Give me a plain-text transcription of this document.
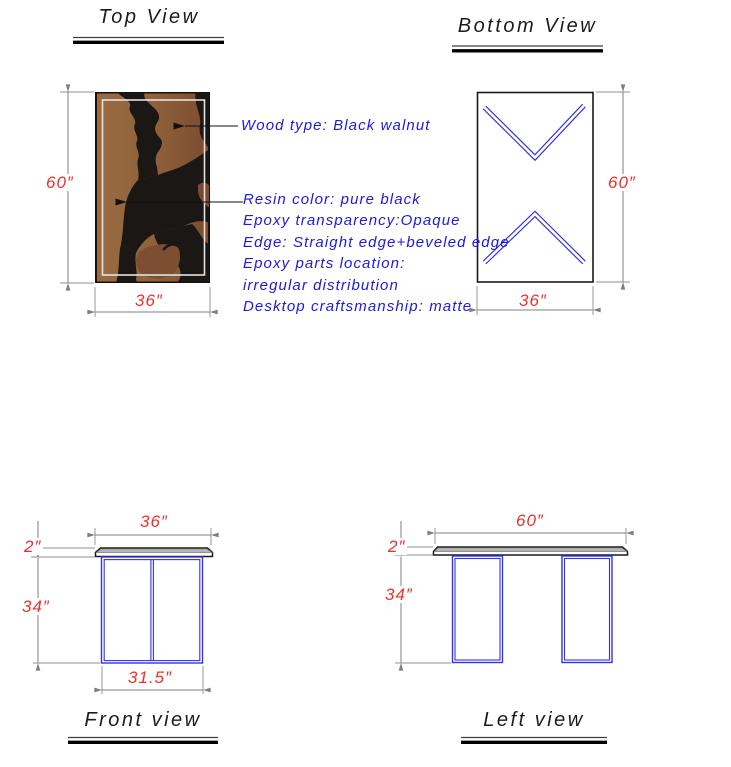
Top View	Bottom View
Front view	Left view
60″
36″
60″
36″
36″
2″
34″
31.5″
60″
2″
34″
Wood type: Black walnut
Resin color: pure black
Epoxy transparency:Opaque
Edge: Straight edge+beveled edge
Epoxy parts location:
irregular distribution
Desktop craftsmanship: matte
